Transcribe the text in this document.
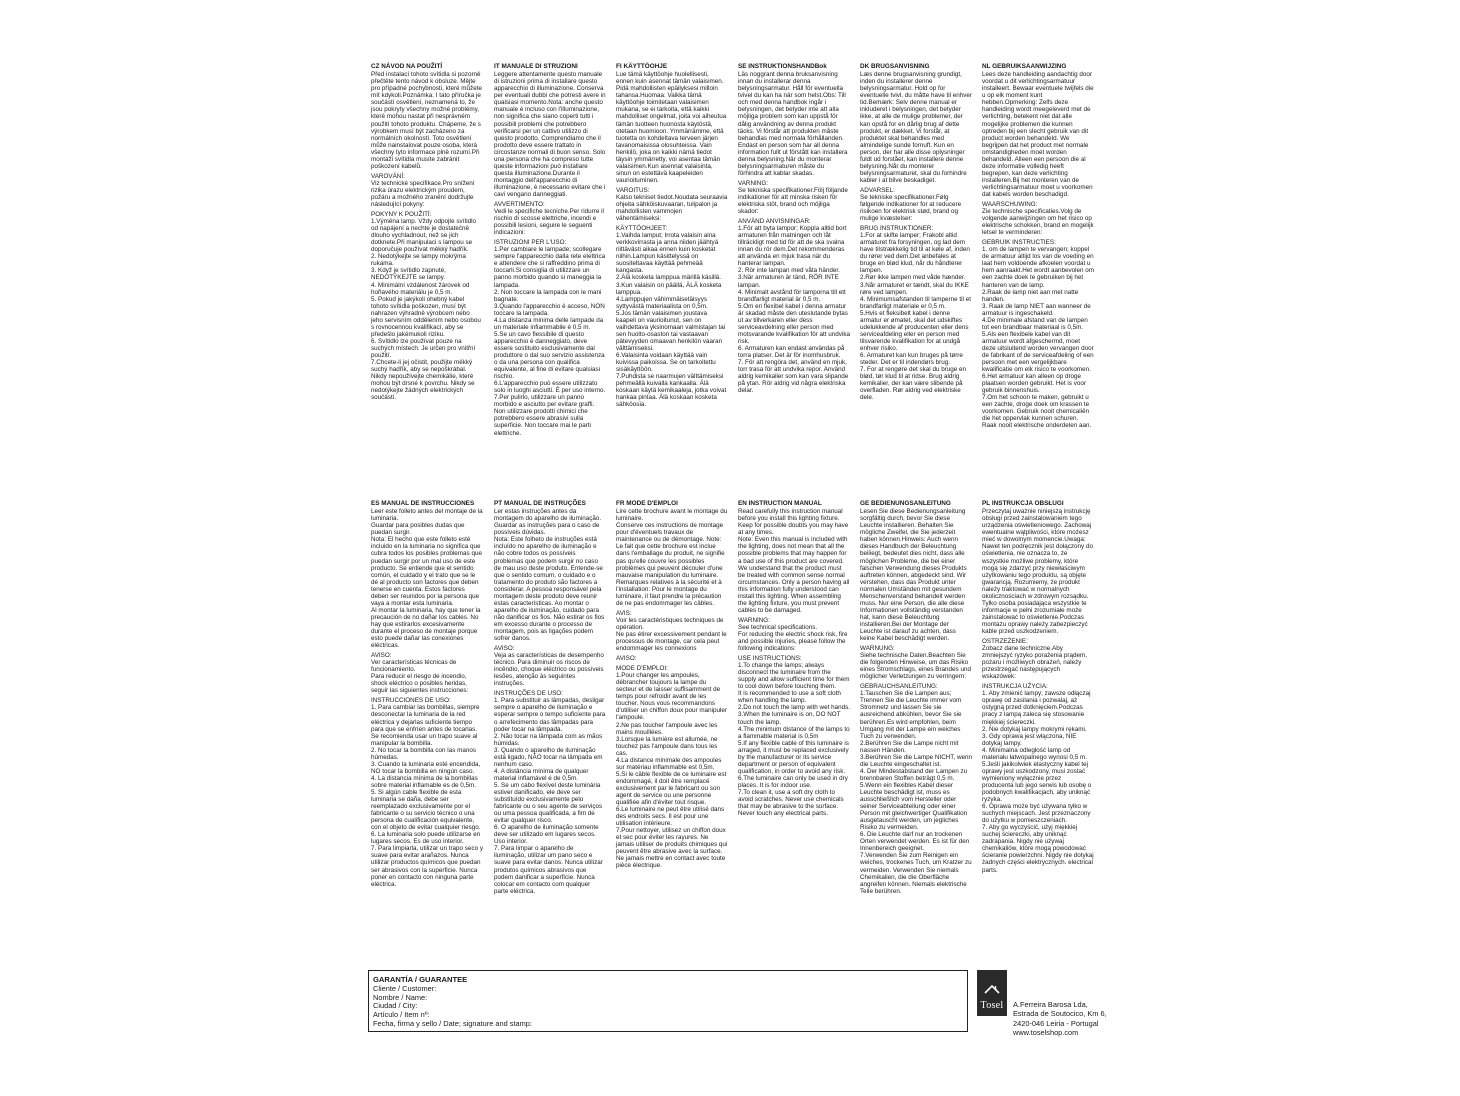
CZ NÁVOD NA POUŽITÍ

Před instalací tohoto svítidla si pozorně přečtěte tento návod k obsluze. Mějte pro případné pochybnosti, které můžete mít kdykoli.Poznámka: I tato příručka je součástí osvětlení, neznamená to, že jsou pokryty všechny možné problémy, které mohou nastat při nesprávném použití tohoto produktu. Chápeme, že s výrobkem musí být zacházeno za normálních okolností. Toto osvětlení může nainstalovat pouze osoba, která všechny tyto informace plně rozumí.Při montáži svítidla musíte zabránit poškození kabelů.

VAROVÁNÍ:
Viz technické specifikace.Pro snížení rizika úrazu elektrickým proudem, požáru a možného zranění dodržujte následující pokyny:

POKYNY K POUŽITÍ:
1.Výměna lamp. Vždy odpojte svítidlo od napájení a nechte je dostatečně dlouho vychladnout, než se jich dotknete.Při manipulaci s lampou se doporučuje používat měkký hadřík.
2. Nedotýkejte se lampy mokrýma rukama.
3. Když je svítidlo zapnuté, NEDOTÝKEJTE se lampy.
4. Minimální vzdálenost žárovek od hořlavého materiálu je 0,5 m.
5. Pokud je jakýkoli ohebný kabel tohoto svítidla poškozen, musí být nahrazen výhradně výrobcem nebo jeho servisním oddělením nebo osobou s rovnocennou kvalifikací, aby se předešlo jakémukoli riziku.
6. Svítidlo lze používat pouze na suchých místech. Je určen pro vnitřní použití.
7.Chcete-li jej očistit, použijte měkký suchý hadřík, aby se nepoškrábal. Nikdy nepoužívejte chemikálie, které mohou být drsné k povrchu. Nikdy se nedotýkejte žádných elektrických součástí.

IT MANUALE DI STRUZIONI

Leggere attentamente questo manuale di istruzioni prima di installare questo apparecchio di illuminazione. Conserva per eventuali dubbi che potresti avere in qualsiasi momento.Nota: anche questo manuale è incluso con l'illuminazione, non significa che siano coperti tutti i possibili problemi che potrebbero verificarsi per un cattivo utilizzo di questo prodotto. Comprendiamo che il prodotto deve essere trattato in circostanze normali di buon senso. Solo una persona che ha compreso tutte queste informazioni può installare questa illuminazione.Durante il montaggio dell'apparecchio di illuminazione, è necessario evitare che i cavi vengano danneggiati.

AVVERTIMENTO:
Vedi le specifiche tecniche.Per ridurre il rischio di scosse elettriche, incendi e possibili lesioni, seguire le seguenti indicazioni:

ISTRUZIONI PER L'USO:
1.Per cambiare le lampade; scollegare sempre l'apparecchio dalla rete elettrica e attendere che si raffreddino prima di toccarli.Si consiglia di utilizzare un panno morbido quando si maneggia la lampada.
2. Non toccare la lampada con le mani bagnate.
3.Quando l'apparecchio è acceso, NON toccare la lampada.
4.La distanza minima delle lampade da un materiale infiammabile è 0,5 m.
5.Se un cavo flessibile di questo apparecchio è danneggiato, deve essere sostituito esclusivamente dal produttore o dal suo servizio assistenza o da una persona con qualifica equivalente, al fine di evitare qualsiasi rischio.
6.L'apparecchio può essere utilizzato solo in luoghi asciutti. È per uso interno.
7.Per pulirlo, utilizzare un panno morbido e asciutto per evitare graffi. Non utilizzare prodotti chimici che potrebbero essere abrasivi sulla superficie. Non toccare mai le parti elettriche.

FI KÄYTTÖOHJE

Lue tämä käyttöohje huolellisesti, ennen kuin asennat tämän valaisimen. Pidä mahdollisten epäilyksesi milloin tahansa.Huomaa: Vaikka tämä käyttöohje toimitetaan valaisimen mukana, se ei tarkoita, että kaikki mahdolliset ongelmat, joita voi aiheutua tämän tuotteen huonosta käytöstä, otetaan huomioon. Ymmärrämme, että tuotetta on kohdeltava terveen järjen tavanomaisissa olosuhteissa. Vain henkilö, joka on kaikki nämä tiedot täysin ymmärretty, voi asentaa tämän valaisimen.Kun asennat valaisinta, sinun on estettävä kaapeleiden vaurioituminen.

VAROITUS:
Katso tekniset tiedot.Noudata seuraavia ohjeita sähköiskuvaaran, tulipalon ja mahdollisten vammojen vähentämiseksi:

KÄYTTÖOHJEET:
1.Vaihda lamput; Irrota valaisin aina verkkovirrasta ja anna niiden jäähtyä riittävästi aikaa ennen kuin kosketat niihin.Lampun käsittelyssä on suositeltavaa käyttää pehmeää kangasta.
2.Älä kosketa lamppua märillä käsillä.
3.Kun valaisin on päällä, ÄLÄ kosketa lamppua.
4.Lamppujen vähimmäisetäisyys syttyvästä materiaalista on 0,5m.
5.Jos tämän valaisimen joustava kaapeli on vaurioitunut, sen on vaihdettava yksinomaan valmistajan tai sen huolto-osaston tai vastaavan pätevyyden omaavan henkilön vaaran välttämiseksi.
6.Valaisinta voidaan käyttää vain kuivissa paikoissa. Se on tarkoitettu sisäkäyttöön.
7.Puhdista se naarmujen välttämiseksi pehmeällä kuivalla kankaalla. Älä koskaan käytä kemikaaleja, jotka voivat hankaa pintaa. Älä koskaan kosketa sähköosia.

SE INSTRUKTIONSHANDBok

Läs noggrant denna bruksanvisning innan du installerar denna belysningsarmatur. Håll för eventuella tvivel du kan ha när som helst.Obs: Till och med denna handbok ingår i belysningen, det betyder inte att alla möjliga problem som kan uppstå för dålig användning av denna produkt täcks. Vi förstår att produkten måste behandlas med normala förhållanden. Endast en person som har all denna information fullt ut förstått kan installera denna belysning.När du monterar belysningsarmaturen måste du förhindra att kablar skadas.

VARNING:
Se tekniska specifikationer.Följ följande indikationer för att minska risken för elektriska stöt, brand och möjliga skador:

ANVÄND ANVISNINGAR:
1.För att byta lampor; Koppla alltid bort armaturen från matningen och låt tillräckligt med tid för att de ska svalna innan du rör dem.Det rekommenderas att använda en mjuk trasa när du hanterar lampan.
2. Rör inte lampan med våta händer.
3.När armaturen är tänd, RÖR INTE lampan.
4. Minimalt avstånd för lamporna till ett brandfarligt material är 0,5 m.
5.Om en flexibel kabel i denna armatur är skadad måste den uteslutande bytas ut av tillverkaren eller dess serviceavdelning eller person med motsvarande kvalifikation för att undvika risk.
6. Armaturen kan endast användas på torra platser. Det är för inomhusbruk.
7. För att rengöra det, använd en mjuk, torr trasa för att undvika repor. Använd aldrig kemikalier som kan vara slipande på ytan. Rör aldrig vid några elektriska delar.

DK BRUGSANVISNING

Læs denne brugsanvisning grundigt, inden du installerer denne belysningsarmatur. Hold op for eventuelle tvivl, du måtte have til enhver tid.Bemærk: Selv denne manual er inkluderet i belysningen, det betyder ikke, at alle de mulige problemer, der kan opstå for en dårlig brug af dette produkt, er dækket. Vi forstår, at produktet skal behandles med almindelige sunde fornuft. Kun en person, der har alle disse oplysninger fuldt ud forstået, kan installere denne belysning.Når du monterer belysningsarmaturet, skal du forhindre kabler i at blive beskadiget.

ADVARSEL:
Se tekniske specifikationer.Følg følgende indikationer for at reducere risikoen for elektrisk stød, brand og mulige kvæstelser:

BRUG INSTRUKTIONER:
1.For at skifte lamper; Frakobl altid armaturet fra forsyningen, og lad dem have tilstrækkelig tid til at køle af, inden du rører ved dem.Det anbefales at bruge en blød klud, når du håndterer lampen.
2.Rør ikke lampen med våde hænder.
3.Når armaturet er tændt, skal du IKKE røre ved lampen.
4. Minimumsafstanden til lamperne til et brandfarligt materiale er 0,5 m.
5.Hvis et fleksibelt kabel i denne armatur er ømatet, skal det udskiftes udelukkende af producenten eller dens serviceafdeling eller en person med tilsvarende kvalifikation for at undgå enhver risiko.
6. Armaturet kan kun bruges på tørre steder. Det er til indendørs brug.
7. For at rengøre det skal du bruge en blød, tør klud til at ridse. Brug aldrig kemikalier, der kan være slibende på overfladen. Rør aldrig ved elektriske dele.

NL GEBRUIKSAANWIJZING

Lees deze handleiding aandachtig door voordat u dit verlichtingsarmatuur installeert. Bewaar eventuele twijfels die u op elk moment kunt hebben.Opmerking: Zelfs deze handleiding wordt meegeleverd met de verlichting, betekent niet dat alle mogelijke problemen die kunnen optreden bij een slecht gebruik van dit product worden behandeld. We begrijpen dat het product met normale omstandigheden moet worden behandeld. Alleen een persoon die al deze informatie volledig heeft begrepen, kan deze verlichting installeren.Bij het monteren van de verlichtingsarmatuur moet u voorkomen dat kabels worden beschadigd.

WAARSCHUWING:
Zie technische specificaties.Volg de volgende aanwijzingen om het risico op elektrische schokken, brand en mogelijk letsel te verminderen:

GEBRUIK INSTRUCTIES:
1. om de lampen te vervangen; koppel de armatuur altijd los van de voeding en laat hem voldoende afkoelen voordat u hem aanraakt.Het wordt aanbevolen om een zachte doek te gebruiken bij het hanteren van de lamp.
2.Raak de lamp niet aan met natte handen.
3. Raak de lamp NIET aan wanneer de armatuur is ingeschakeld.
4.De minimale afstand van de lampen tot een brandbaar materiaal is 0,5m.
5.Als een flexibele kabel van dit armatuur wordt afgeschermd, moet deze uitsluitend worden vervangen door de fabrikant of de serviceafdeling of een persoon met een vergelijkbare kwalificatie om elk risico te voorkomen.
6.Het armatuur kan alleen op droge plaatsen worden gebruikt. Het is voor gebruik binnenshuis.
7.Om het schoon te maken, gebruikt u een zachte, droge doek om krassen te voorkomen. Gebruik nooit chemicaliën die het oppervlak kunnen schuren. Raak nooit elektrische onderdelen aan.

ES MANUAL DE INSTRUCCIONES

Leer este folleto antes del montaje de la luminaria.
Guardar para posibles dudas que puedan surgir.
Nota: El hecho que este folleto esté incluido en la luminaria no significa que cubra todos los posibles problemas que puedan surgir por un mal uso de este producto. Se entiende que el sentido común, el cuidado y el trato que se le dé al producto son factores que deben tenerse en cuenta. Estos factores deben ser reunidos por la persona que vaya a montar esta luminaria.
Al montar la luminaria, hay que tener la precaución de no dañar los cables. No hay que estirarlos excesivamente durante el proceso de montaje porque esto puede dañar las conexiones eléctricas.

AVISO:
Ver características técnicas de funcionamiento.
Para reducir el riesgo de incendio, shock eléctrico o posibles heridas, seguir las siguientes instrucciones:

INSTRUCCIONES DE USO:
1. Para cambiar las bombillas, siempre desconectar la luminaria de la red eléctrica y dejarlas suficiente tiempo para que se enfríen antes de tocarlas. Se recomienda usar un trapo suave al manipular la bombilla.
2. No tocar la bombilla con las manos húmedas.
3. Cuando la luminaria esté encendida, NO tocar la bombilla en ningún caso.
4. La distancia mínima de la bombillas sobre material inflamable es de 0,5m.
5. Si algún cable flexible de esta luminaria se daña, debe ser reemplazado exclusivamente por el fabricante o su servicio técnico o una persona de cualificación equivalente, con el objeto de evitar cualquier riesgo.
6. La luminaria solo puede utilizarse en lugares secos. Es de uso interior.
7. Para limpiarla, utilizar un trapo seco y suave para evitar arañazos. Nunca utilizar productos químicos que puedan ser abrasivos con la superficie. Nunca poner en contacto con ninguna parte eléctrica.

PT MANUAL DE INSTRUÇÕES

Ler estas instruções antes da montagem do aparelho de iluminação. Guardar as instruções para o caso de possíveis dúvidas.
Nota: Este folheto de instruções está incluído no aparelho de iluminação e não cobre todos os possíveis problemas que podem surgir no caso de mau uso deste produto. Entende-se que o sentido comum, o cuidado e o tratamento do produto são factores a considerar. A pessoa responsável pela montagem deste produto deve reunir estas características. Ao montar o aparelho de iluminação, cuidado para não danificar os fios. Não estirar os fios em excesso durante o processo de montagem, pois as ligações podem sofrer danos.

AVISO:
Veja as características de desempenho técnico. Para diminuir os riscos de incêndio, choque eléctrico ou possíveis lesões, atenção às seguintes instruções.

INSTRUÇÕES DE USO:
1. Para substituir as lâmpadas, desligar sempre o aparelho de iluminação e esperar sempre o tempo suficiente para o arrefecimento das lâmpadas para poder tocar na lâmpada.
2. Não tocar na lâmpada com as mãos húmidas.
3. Quando o aparelho de iluminação está ligado, NÃO tocar na lâmpada em nenhum caso.
4. A distância mínima de qualquer material inflamável é de 0,5m.
5. Se um cabo flexível deste luminária estiver danificado, ele deve ser substituído exclusivamente pelo fabricante ou o seu agente de serviços ou uma pessoa qualificada, a fim de evitar qualquer risco.
6. O aparelho de iluminação somente deve ser utilizado em lugares secos. Uso interior.
7. Para limpar o aparelho de iluminação, utilizar um pano seco e suave para evitar danos. Nunca utilizar produtos químicos abrasivos que podem danificar a superfície. Nunca colocar em contacto com qualquer parte eléctrica.

FR MODE D'EMPLOI

Lire cette brochure avant le montage du luminaire.
Conserve ces instructions de montage pour d'éventuels travaux de maintenance ou de démontage. Note: Le fait que cette brochure est inclue dans l'emballage du produit, ne signifie pas qu'elle couvre les possibles problèmes qui peuvent découler d'une mauvaise manipulation du luminaire.
Remarques relatives à la sécurité et à l'installation: Pour le montage du luminaire, il faut prendre la précaution de ne pas endommager les câbles.

AVIS:
Voir les caractéristiques techniques de opération.
Ne pas étirer excessivement pendant le processus de montage, car cela peut endommager les connexions

AVISO:

MODE D'EMPLOI:
1.Pour changer les ampoules, débrancher toujours la lampe du secteur et de laisser suffisamment de temps pour refroidir avant de les toucher. Nous vous recommandons d'utiliser un chiffon doux pour manipuler l'ampoule.
2.Ne pas toucher l'ampoule avec les mains mouillées.
3.Lorsque la lumière est allumée, ne touchez pas l'ampoule dans tous les cas.
4.La distance minimale des ampoules sur matériau inflammable est 0,5m.
5.Si le câble flexible de ce luminaire est endommagé, il doit être remplacé exclusivement par le fabricant ou son agent de service ou une personne qualifiée afin d'éviter tout risque.
6.Le luminaire ne peut être utilisé dans des endroits secs. Il est pour une utilisation intérieure.
7.Pour nettoyer, utilisez un chiffon doux et sec pour éviter les rayures. Ne jamais utiliser de produits chimiques qui peuvent être abrasive avec la surface. Ne jamais mettre en contact avec toute pièce électrique.

EN INSTRUCTION MANUAL

Read carefully this instruction manual before you install this lighting fixture. Keep for possible doubts you may have at any times.
Note: Even this manual is included with the lighting, does not mean that all the possible problems that may happen for a bad use of this product are covered. We understand that the product must be treated with common sense normal circumstances. Only a person having all this information fully understood can install this lighting. When assembling the lighting fixture, you must prevent cables to be damaged.

WARNING:
See technical specifications.
For reducing the electric shock risk, fire and possible injuries, please follow the following indications:

USE INSTRUCTIONS:
1.To change the lamps; always disconnect the luminaire from the supply and allow sufficient time for them to cool down before touching them.
It is recommended to use a soft cloth when handling the lamp.
2.Do not touch the lamp with wet hands.
3.When the luminaire is on, DO NOT touch the lamp.
4.The minimum distance of the lamps to a flammable material is 0,5m
5.If any flexible cable of this luminaire is arraged, it must be replaced exclusively by the manufacturer or its service department or person of equivalent qualification, in order to avoid any risk.
6.The luminaire can only be used in dry places. It is for indoor use.
7.To clean it, use a soft dry cloth to avoid scratches. Never use chemicals that may be abrasive to the surface. Never touch any electrical parts.

GE BEDIENUNGSANLEITUNG

Lesen Sie diese Bedienungsanleitung sorgfältig durch, bevor Sie diese Leuchte installieren. Behalten Sie mögliche Zweifel, die Sie jederzeit haben können.Hinweis: Auch wenn dieses Handbuch der Beleuchtung beiliegt, bedeutet dies nicht, dass alle möglichen Probleme, die bei einer falschen Verwendung dieses Produkts auftreten können, abgedeckt sind. Wir verstehen, dass das Produkt unter normalen Umständen mit gesundem Menschenverstand behandelt werden muss. Nur eine Person, die alle diese Informationen vollständig verstanden hat, kann diese Beleuchtung installieren.Bei der Montage der Leuchte ist darauf zu achten, dass keine Kabel beschädigt werden.

WARNUNG:
Siehe technische Daten.Beachten Sie die folgenden Hinweise, um das Risiko eines Stromschlags, eines Brandes und möglicher Verletzungen zu verringern:

GEBRAUCHSANLEITUNG:
1.Tauschen Sie die Lampen aus; Trennen Sie die Leuchte immer vom Stromnetz und lassen Sie sie ausreichend abkühlen, bevor Sie sie berühren.Es wird empfohlen, beim Umgang mit der Lampe ein weiches Tuch zu verwenden.
2.Berühren Sie die Lampe nicht mit nassen Händen.
3.Berühren Sie die Lampe NICHT, wenn die Leuchte eingeschaltet ist.
4. Der Mindestabstand der Lampen zu brennbaren Stoffen beträgt 0,5 m.
5.Wenn ein flexibles Kabel dieser Leuchte beschädigt ist, muss es ausschließlich vom Hersteller oder seiner Serviceabteilung oder einer Person mit gleichwertiger Qualifikation ausgetauscht werden, um jegliches Risiko zu vermeiden.
6. Die Leuchte darf nur an trockenen Orten verwendet werden. Es ist für den Innenbereich geeignet.
7.Verwenden Sie zum Reinigen ein weiches, trockenes Tuch, um Kratzer zu vermeiden. Verwenden Sie niemals Chemikalien, die die Oberfläche angreifen können. Niemals elektrische Teile berühren.

PL INSTRUKCJA OBSŁUGI

Przeczytaj uważnie niniejszą instrukcję obsługi przed zainstalowaniem tego urządzenia oświetleniowego. Zachowaj ewentualne wątpliwości, które możesz mieć w dowolnym momencie.Uwaga: Nawet ten podręcznik jest dołączony do oświetlenia, nie oznacza to, że wszystkie możliwe problemy, które mogą się zdarzyć przy niewłaściwym użytkowaniu tego produktu, są objęte gwarancją. Rozumiemy, że produkt należy traktować w normalnych okolicznościach w zdrowym rozsądku. Tylko osoba posiadająca wszystkie te informacje w pełni zrozumiałe może zainstalować to oświetlenie.Podczas montażu oprawy należy zabezpieczyć kable przed uszkodzeniem.

OSTRZEŻENIE:
Zobacz dane techniczne.Aby zmniejszyć ryzyko porażenia prądem, pożaru i możliwych obrażeń, należy przestrzegać następujących wskazówek:

INSTRUKCJA UŻYCIA:
1. Aby zmienić lampy; zawsze odłączaj oprawę od zasilania i pozwalaj, aż ostygną przed dotknięciem.Podczas pracy z lampą zaleca się stosowanie miękkiej ściereczki.
2. Nie dotykaj lampy mokrymi rękami.
3. Gdy oprawa jest włączona, NIE dotykaj lampy.
4. Minimalna odległość lamp od materiału łatwopalnego wynosi 0,5 m.
5.Jeśli jakikolwiek elastyczny kabel tej oprawy jest uszkodzony, musi zostać wymieniony wyłącznie przez producenta lub jego serwis lub osobę o podobnych kwalifikacjach, aby uniknąć ryzyka.
6. Oprawa może być używana tylko w suchych miejscach. Jest przeznaczony do użytku w pomieszczeniach.
7. Aby go wyczyścić, użyj miękkiej suchej ściereczki, aby uniknąć zadrapania. Nigdy nie używaj chemikaliów, które mogą powodować ścieranie powierzchni. Nigdy nie dotykaj żadnych części elektrycznych. electrical parts.

GARANTÍA / GUARANTEE
Cliente / Customer:
Nombre / Name:
Ciudad / City:
Artículo / Item nº:
Fecha, firma y sello / Date; signature and stamp:
Tosel A.Ferreira Barosa Lda,
Estrada de Soutocico, Km 6,
2420-046 Leiria - Portugal
www.toselshop.com
